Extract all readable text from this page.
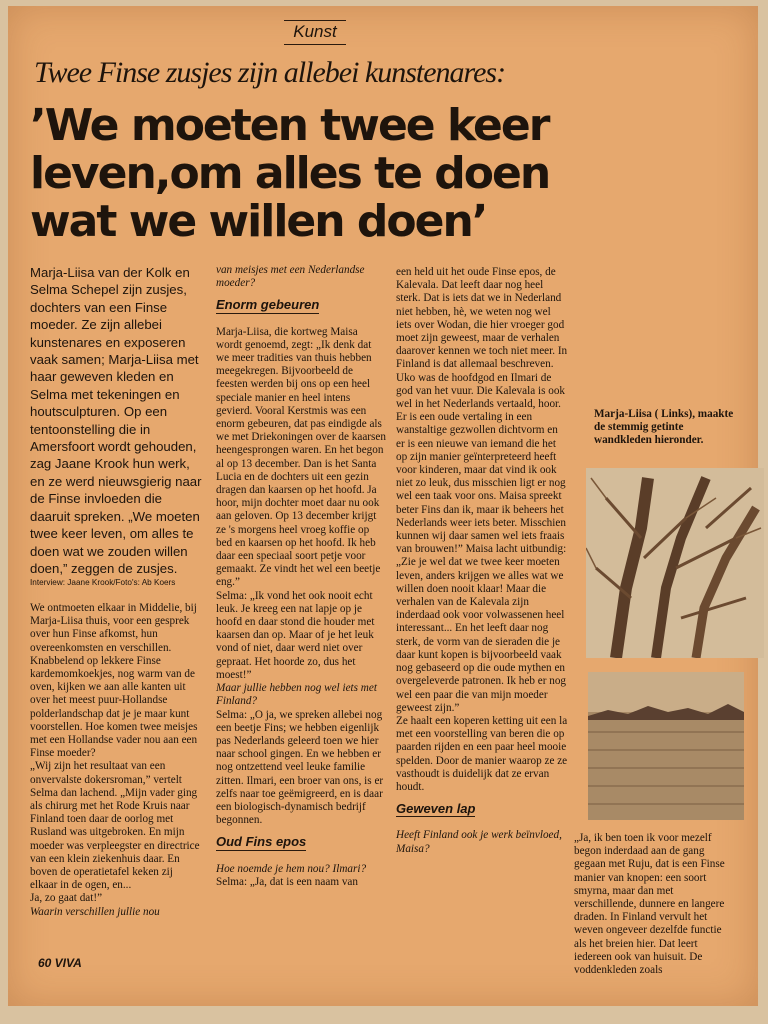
Kunst
Twee Finse zusjes zijn allebei kunstenares:
’We moeten twee keer
leven,om alles te doen
wat we willen doen’
Marja-Liisa van der Kolk en Selma Schepel zijn zusjes, dochters van een Finse moeder. Ze zijn allebei kunstenares en exposeren vaak samen; Marja-Liisa met haar geweven kleden en Selma met tekeningen en houtsculpturen. Op een tentoonstelling die in Amersfoort wordt gehouden, zag Jaane Krook hun werk, en ze werd nieuwsgierig naar de Finse invloeden die daaruit spreken. „We moeten twee keer leven, om alles te doen wat we zouden willen doen,” zeggen de zusjes.
Interview: Jaane Krook/Foto's: Ab Koers

We ontmoeten elkaar in Middelie, bij Marja-Liisa thuis, voor een gesprek over hun Finse afkomst, hun overeenkomsten en verschillen. Knabbelend op lekkere Finse kardemomkoekjes, nog warm van de oven, kijken we aan alle kanten uit over het meest puur-Hollandse polderlandschap dat je je maar kunt voorstellen. Hoe komen twee meisjes met een Hollandse vader nou aan een Finse moeder?
„Wij zijn het resultaat van een onvervalste dokersroman,” vertelt Selma dan lachend. „Mijn vader ging als chirurg met het Rode Kruis naar Finland toen daar de oorlog met Rusland was uitgebroken. En mijn moeder was verpleegster en directrice van een klein ziekenhuis daar. En boven de operatietafel keken zij elkaar in de ogen, en...
Ja, zo gaat dat!”

Waarin verschillen jullie nou

van meisjes met een Nederlandse moeder?

Enorm gebeuren

Marja-Liisa, die kortweg Maisa wordt genoemd, zegt: „Ik denk dat we meer tradities van thuis hebben meegekregen. Bijvoorbeeld de feesten werden bij ons op een heel speciale manier en heel intens gevierd. Vooral Kerstmis was een enorm gebeuren, dat pas eindigde als we met Driekoningen over de kaarsen heengesprongen waren. En het begon al op 13 december. Dan is het Santa Lucia en de dochters uit een gezin dragen dan kaarsen op het hoofd. Ja hoor, mijn dochter moet daar nu ook aan geloven. Op 13 december krijgt ze 's morgens heel vroeg koffie op bed en kaarsen op het hoofd. Ik heb daar een speciaal soort petje voor gemaakt. Ze vindt het wel een beetje eng.”
Selma: „Ik vond het ook nooit echt leuk. Je kreeg een nat lapje op je hoofd en daar stond die houder met kaarsen dan op. Maar of je het leuk vond of niet, daar werd niet over gepraat. Het hoorde zo, dus het moest!”

Maar jullie hebben nog wel iets met Finland?

Selma: „O ja, we spreken allebei nog een beetje Fins; we hebben eigenlijk pas Nederlands geleerd toen we hier naar school gingen. En we hebben er nog ontzettend veel leuke familie zitten. Ilmari, een broer van ons, is er zelfs naar toe geëmigreerd, en is daar een biologisch-dynamisch bedrijf begonnen.

Oud Fins epos

Hoe noemde je hem nou? Ilmari?

Selma: „Ja, dat is een naam van

een held uit het oude Finse epos, de Kalevala. Dat leeft daar nog heel sterk. Dat is iets dat we in Nederland niet hebben, hè, we weten nog wel iets over Wodan, die hier vroeger god moet zijn geweest, maar de verhalen daarover kennen we toch niet meer. In Finland is dat allemaal beschreven. Uko was de hoofdgod en Ilmari de god van het vuur. Die Kalevala is ook wel in het Nederlands vertaald, hoor. Er is een oude vertaling in een wanstaltige gezwollen dichtvorm en er is een nieuwe van iemand die het op zijn manier geïnterpreteerd heeft voor kinderen, maar dat vind ik ook niet zo leuk, dus misschien ligt er nog wel een taak voor ons. Maisa spreekt beter Fins dan ik, maar ik beheers het Nederlands weer iets beter. Misschien kunnen wij daar samen wel iets fraais van brouwen!” Maisa lacht uitbundig: „Zie je wel dat we twee keer moeten leven, anders krijgen we alles wat we willen doen nooit klaar! Maar die verhalen van de Kalevala zijn inderdaad ook voor volwassenen heel interessant... En het leeft daar nog sterk, de vorm van de sieraden die je daar kunt kopen is bijvoorbeeld vaak nog gebaseerd op die oude mythen en overgeleverde patronen. Ik heb er nog wel een paar die van mijn moeder geweest zijn.”
Ze haalt een koperen ketting uit een la met een voorstelling van beren die op paarden rijden en een paar heel mooie spelden. Door de manier waarop ze ze vasthoudt is duidelijk dat ze ervan houdt.

Geweven lap

Heeft Finland ook je werk beïnvloed, Maisa?

Marja-Liisa ( Links), maakte de stemmig getinte wandkleden hieronder.

„Ja, ik ben toen ik voor mezelf begon inderdaad aan de gang gegaan met Ruju, dat is een Finse manier van knopen: een soort smyrna, maar dan met verschillende, dunnere en langere draden. In Finland vervult het weven ongeveer dezelfde functie als het breien hier. Dat leert iedereen ook van huisuit. De voddenkleden zoals

60 VIVA
